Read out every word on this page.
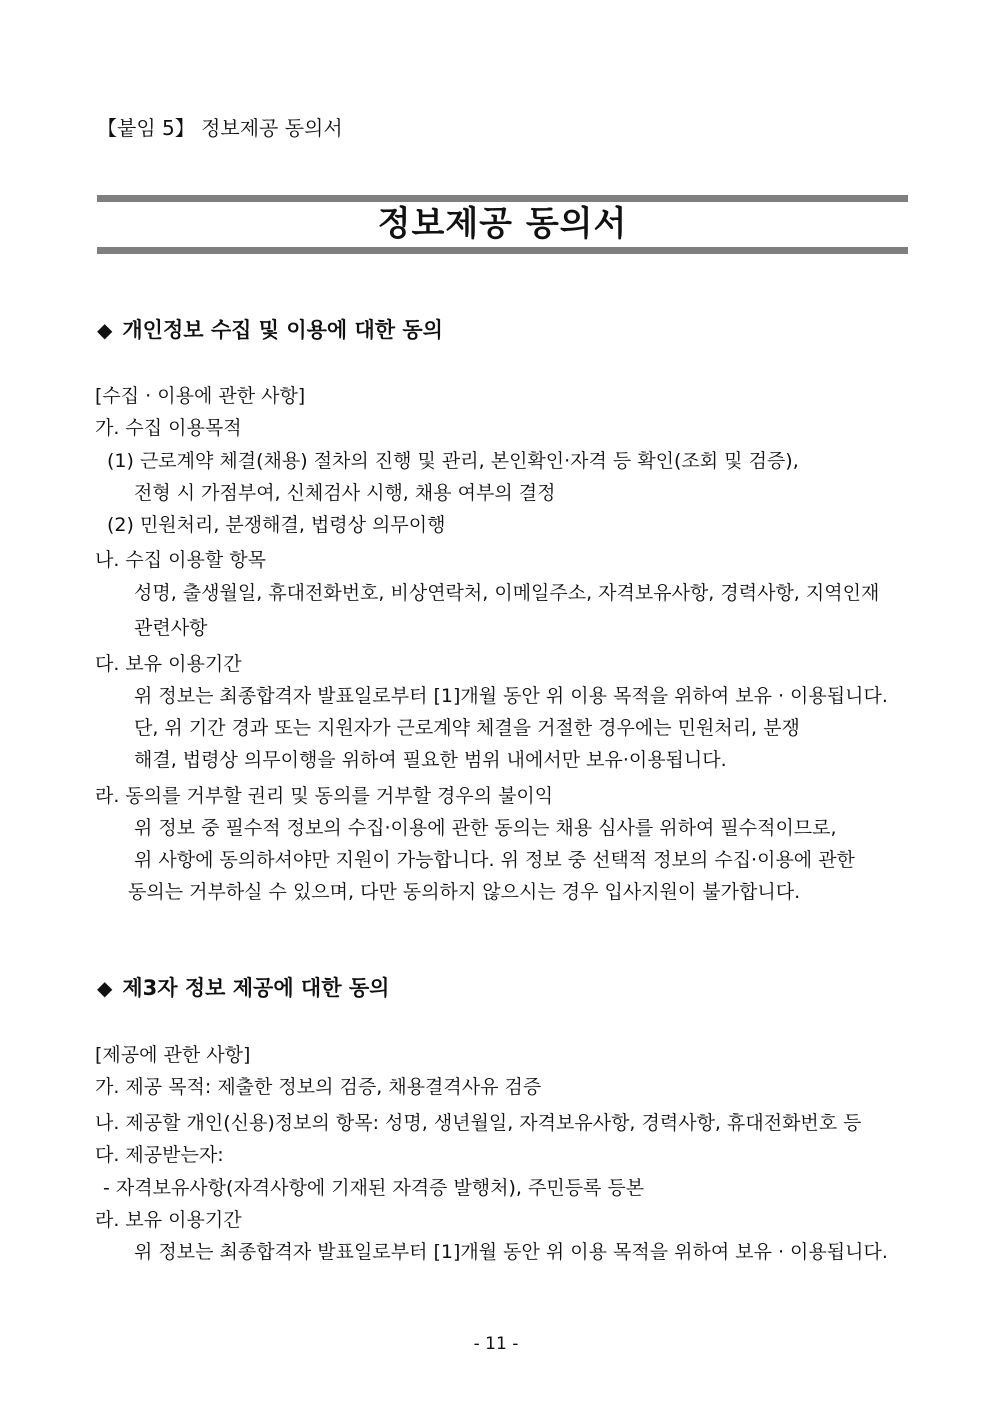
【붙임 5】 정보제공 동의서
정보제공 동의서
◆ 개인정보 수집 및 이용에 대한 동의
[수집 · 이용에 관한 사항]
가. 수집 이용목적
(1) 근로계약 체결(채용) 절차의 진행 및 관리, 본인확인·자격 등 확인(조회 및 검증),
전형 시 가점부여, 신체검사 시행, 채용 여부의 결정
(2) 민원처리, 분쟁해결, 법령상 의무이행
나. 수집 이용할 항목
성명, 출생월일, 휴대전화번호, 비상연락처, 이메일주소, 자격보유사항, 경력사항, 지역인재
관련사항
다. 보유 이용기간
위 정보는 최종합격자 발표일로부터 [1]개월 동안 위 이용 목적을 위하여 보유 · 이용됩니다.
단, 위 기간 경과 또는 지원자가 근로계약 체결을 거절한 경우에는 민원처리, 분쟁
해결, 법령상 의무이행을 위하여 필요한 범위 내에서만 보유·이용됩니다.
라. 동의를 거부할 권리 및 동의를 거부할 경우의 불이익
위 정보 중 필수적 정보의 수집·이용에 관한 동의는 채용 심사를 위하여 필수적이므로,
위 사항에 동의하셔야만 지원이 가능합니다. 위 정보 중 선택적 정보의 수집·이용에 관한
동의는 거부하실 수 있으며, 다만 동의하지 않으시는 경우 입사지원이 불가합니다.
◆ 제3자 정보 제공에 대한 동의
[제공에 관한 사항]
가. 제공 목적: 제출한 정보의 검증, 채용결격사유 검증
나. 제공할 개인(신용)정보의 항목: 성명, 생년월일, 자격보유사항, 경력사항, 휴대전화번호 등
다. 제공받는자:
- 자격보유사항(자격사항에 기재된 자격증 발행처), 주민등록 등본
라. 보유 이용기간
위 정보는 최종합격자 발표일로부터 [1]개월 동안 위 이용 목적을 위하여 보유 · 이용됩니다.
- 11 -
